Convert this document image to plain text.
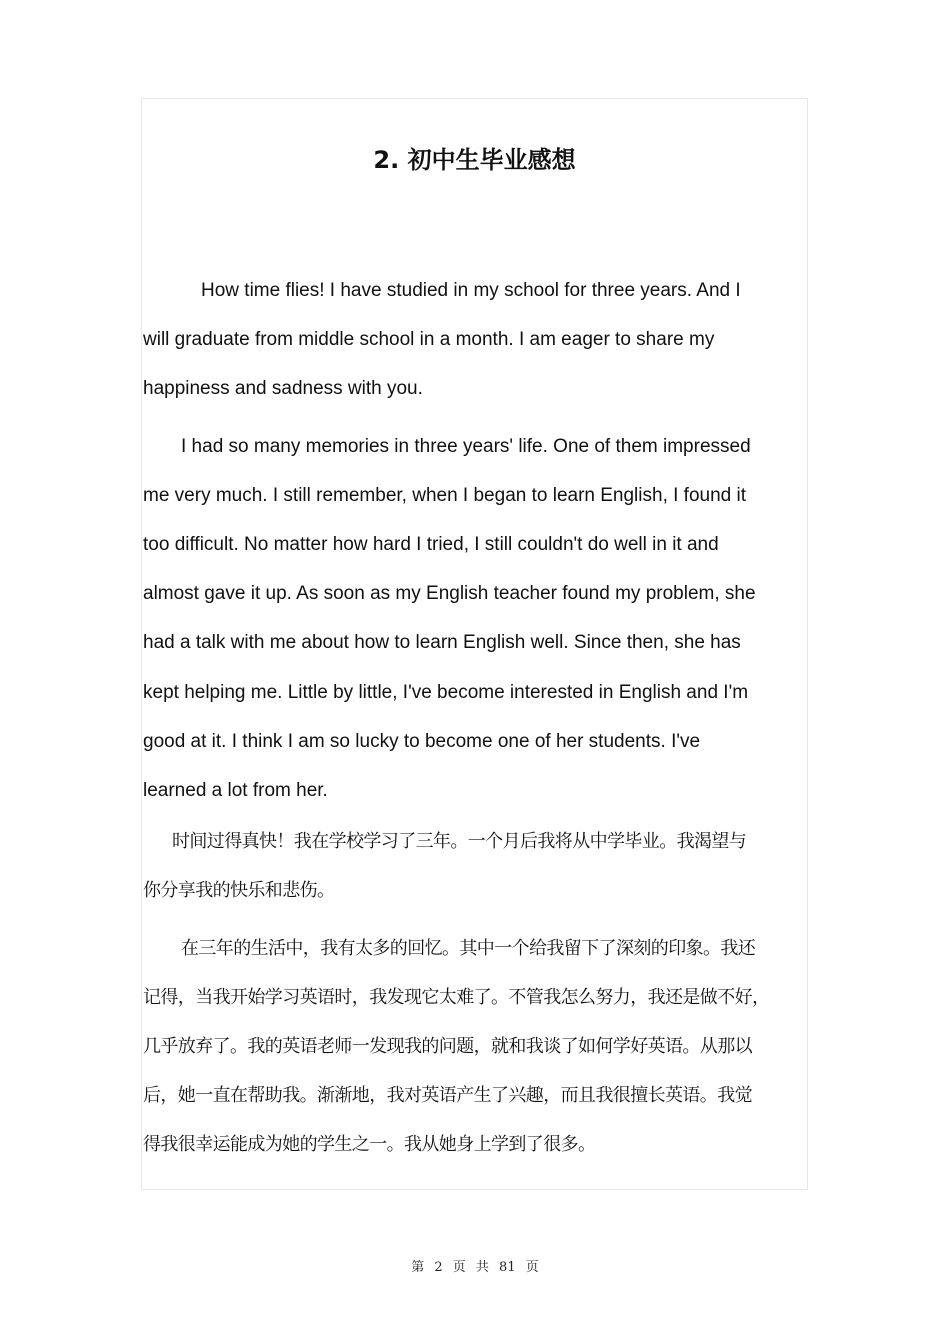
2. 初中生毕业感想

How time flies! I have studied in my school for three years. And I
will graduate from middle school in a month. I am eager to share my
happiness and sadness with you.

I had so many memories in three years' life. One of them impressed
me very much. I still remember, when I began to learn English, I found it
too difficult. No matter how hard I tried, I still couldn't do well in it and
almost gave it up. As soon as my English teacher found my problem, she
had a talk with me about how to learn English well. Since then, she has
kept helping me. Little by little, I've become interested in English and I'm
good at it. I think I am so lucky to become one of her students. I've
learned a lot from her.

时间过得真快！我在学校学习了三年。一个月后我将从中学毕业。我渴望与
你分享我的快乐和悲伤。

在三年的生活中，我有太多的回忆。其中一个给我留下了深刻的印象。我还
记得，当我开始学习英语时，我发现它太难了。不管我怎么努力，我还是做不好，
几乎放弃了。我的英语老师一发现我的问题，就和我谈了如何学好英语。从那以
后，她一直在帮助我。渐渐地，我对英语产生了兴趣，而且我很擅长英语。我觉
得我很幸运能成为她的学生之一。我从她身上学到了很多。

第 2 页 共 81 页
